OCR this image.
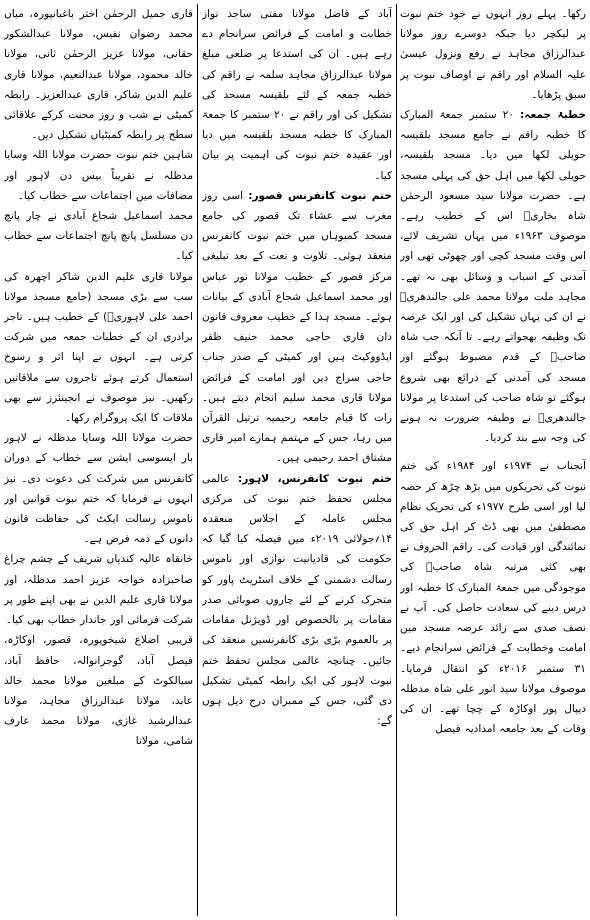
رکھا۔ پہلے روز انہوں نے خود ختم نبوت پر لیکچر دیا جبکہ دوسرے روز مولانا عبدالرزاق مجاہد نے رفع ونزول عیسیٰ علیہ السلام اور راقم نے اوصاف نبوت پر سبق پڑھایا۔

خطبۂ جمعہ: ۲۰ ستمبر جمعۃ المبارک کا خطبہ راقم نے جامع مسجد بلقیسہ حویلی لکھا میں دیا۔ مسجد بلقیسہ، حویلی لکھا میں اہل حق کی پہلی مسجد ہے۔ حضرت مولانا سید مسعود الرحمٰن شاہ بخاریؒ اس کے خطیب رہے۔ موصوف ۱۹۶۳ء میں یہاں تشریف لائے، اس وقت مسجد کچی اور چھوٹی تھی اور آمدنی کے اسباب و وسائل بھی نہ تھے۔ مجاہد ملت مولانا محمد علی جالندھریؒ نے ان کی یہاں تشکیل کی اور ایک عرصہ تک وظیفہ بھجواتے رہے۔ تا آنکہ جب شاہ صاحبؒ کے قدم مضبوط ہوگئے اور مسجد کی آمدنی کے ذرائع بھی شروع ہوگئے تو شاہ صاحب کی استدعا پر مولانا جالندھریؒ نے وظیفہ ضرورت نہ ہونے کی وجہ سے بند کردیا۔

آنجناب نے ۱۹۷۴ء اور ۱۹۸۴ء کی ختم نبوت کی تحریکوں میں بڑھ چڑھ کر حصہ لیا اور اسی طرح ۱۹۷۷ء کی تحریک نظام مصطفیٰ میں بھی ڈٹ کر اہل حق کی نمائندگی اور قیادت کی۔ راقم الحروف نے بھی کئی مرتبہ شاہ صاحبؒ کی موجودگی میں جمعۃ المبارک کا خطبہ اور درس دینے کی سعادت حاصل کی۔ آپ نے نصف صدی سے زائد عرصہ مسجد میں امامت وخطابت کے فرائض سرانجام دیے۔ ۳۱ ستمبر ۲۰۱۶ء کو انتقال فرمایا۔ موصوف مولانا سید انور علی شاہ مدظلہ دیپال پور اوکاڑہ کے چچا تھے۔ ان کی وفات کے بعد جامعہ امدادیہ فیصل

آباد کے فاضل مولانا مفتی ساجد نواز خطابت و امامت کے فرائض سرانجام دے رہے ہیں۔ ان کی استدعا پر ضلعی مبلغ مولانا عبدالرزاق مجاہد سلمہ نے راقم کی خطبہ جمعہ کے لئے بلقیسہ مسجد کی تشکیل کی اور راقم نے ۲۰ ستمبر کا جمعۃ المبارک کا خطبہ مسجد بلقیسہ میں دیا اور عقیدہ ختم نبوت کی اہمیت پر بیان کیا۔

ختم نبوت کانفرنس قصور: اسی روز مغرب سے عشاء تک قصور کی جامع مسجد کمبوہاں میں ختم نبوت کانفرنس منعقد ہوئی۔ تلاوت و نعت کے بعد تبلیغی مرکز قصور کے خطیب مولانا نور عباس اور محمد اسماعیل شجاع آبادی کے بیانات ہوئے۔ مسجد ہذا کے خطیب معروف قانون دان قاری حاجی محمد حنیف ظفر ایڈووکیٹ ہیں اور کمیٹی کے صدر جناب حاجی سراج دین اور امامت کے فرائض مولانا قاری محمد سلیم انجام دیتے ہیں۔ رات کا قیام جامعہ رحیمیہ ترتیل القرآن میں رہا، جس کے مہتمم ہمارے امیر قاری مشتاق احمد رحیمی ہیں۔

ختم نبوت کانفرنس، لاہور: عالمی مجلس تحفظ ختم نبوت کی مرکزی مجلس عاملہ کے اجلاس منعقدہ ۱۴؍جولائی ۲۰۱۹ء میں فیصلہ کیا گیا کہ حکومت کی قادیانیت نوازی اور ناموس رسالت دشمنی کے خلاف اسٹریٹ پاور کو متحرک کرنے کے لئے چاروں صوبائی صدر مقامات پر بالخصوص اور ڈویژنل مقامات پر بالعموم بڑی بڑی کانفرنسیں منعقد کی جائیں۔ چنانچہ عالمی مجلس تحفظ ختم نبوت لاہور کی ایک رابطہ کمیٹی تشکیل دی گئی، جس کے ممبران درج ذیل ہوں گے:

قاری جمیل الرحمٰن اختر باغبانپورہ، میاں محمد رضوان نفیس، مولانا عبدالشکور حقانی، مولانا عزیز الرحمٰن ثانی، مولانا خالد محمود، مولانا عبدالنعیم، مولانا قاری علیم الدین شاکر، قاری عبدالعزیز۔ رابطہ کمیٹی نے شب و روز محنت کرکے علاقائی سطح پر رابطہ کمیٹیاں تشکیل دیں۔

شاہین ختم نبوت حضرت مولانا اللہ وسایا مدظلہ نے تقریباً بیس دن لاہور اور مضافات میں اجتماعات سے خطاب کیا۔

محمد اسماعیل شجاع آبادی نے چار پانچ دن مسلسل پانچ پانچ اجتماعات سے خطاب کیا۔

مولانا قاری علیم الدین شاکر اچھرہ کی سب سے بڑی مسجد (جامع مسجد مولانا احمد علی لاہوریؒ) کے خطیب ہیں۔ تاجر برادری ان کے خطبات جمعہ میں شرکت کرتی ہے۔ انہوں نے اپنا اثر و رسوخ استعمال کرتے ہوئے تاجروں سے ملاقاتیں رکھیں۔ نیز موصوف نے انجینئرز سے بھی ملاقات کا ایک پروگرام رکھا۔

حضرت مولانا اللہ وسایا مدظلہ نے لاہور بار ایسوسی ایشن سے خطاب کے دوران کانفرنس میں شرکت کی دعوت دی۔ نیز انہوں نے فرمایا کہ ختم نبوت قوانین اور ناموس رسالت ایکٹ کی حفاظت قانون دانوں کے ذمہ فرض ہے۔

خانقاہ عالیہ کندیاں شریف کے چشم چراغ صاحبزادہ خواجہ عزیز احمد مدظلہ، اور مولانا قاری علیم الدین نے بھی اپنے طور پر شرکت فرمائی اور جاندار خطاب بھی کیا۔

قریبی اضلاع شیخوپورہ، قصور، اوکاڑہ، فیصل آباد، گوجرانوالہ، حافظ آباد، سیالکوٹ کے مبلغین مولانا محمد خالد عابد، مولانا عبدالرزاق مجاہد، مولانا عبدالرشید غازی، مولانا محمد عارف شامی، مولانا
